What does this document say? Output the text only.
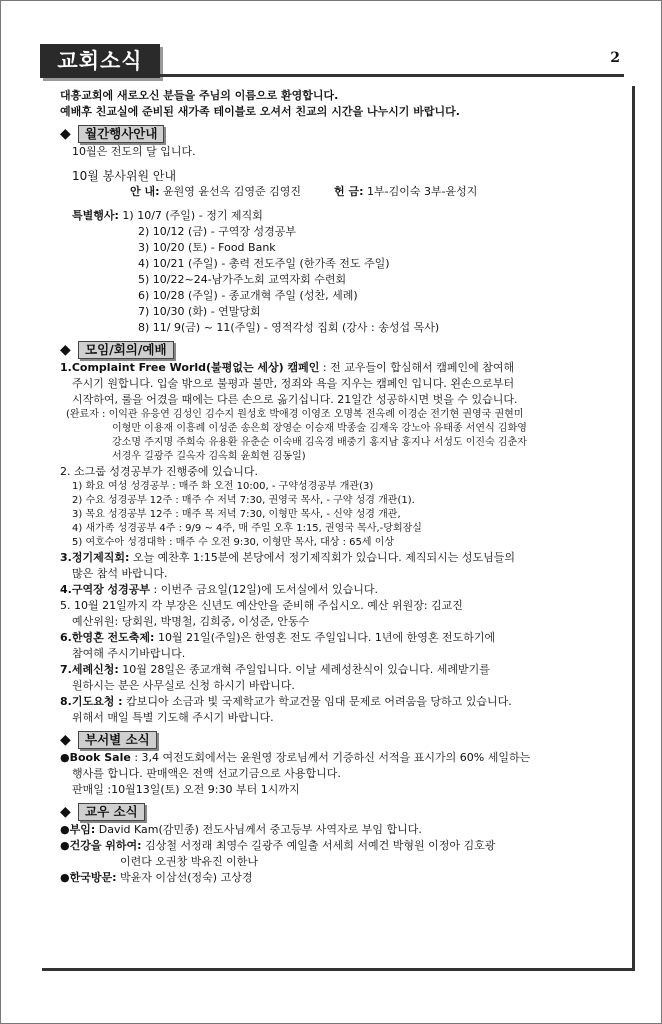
교회소식	2
대흥교회에 새로오신 분들을 주님의 이름으로 환영합니다.
예배후 친교실에 준비된 새가족 테이블로 오셔서 친교의 시간을 나누시기 바랍니다.
◆	월간행사안내
10월은 전도의 달 입니다.
10월 봉사위원 안내
안 내: 윤원영 윤선옥 김영준 김영진	헌 금: 1부-김이숙 3부-윤성지
특별행사: 1) 10/7 (주일) - 정기 제직회
2) 10/12 (금) - 구역장 성경공부
3) 10/20 (토) - Food Bank
4) 10/21 (주일) - 총력 전도주일 (한가족 전도 주일)
5) 10/22~24-남가주노회 교역자회 수련회
6) 10/28 (주일) - 종교개혁 주일 (성찬, 세례)
7) 10/30 (화) - 연말당회
8) 11/ 9(금) ~ 11(주일) - 영적각성 집회 (강사 : 송성섭 목사)
◆	모임/회의/예배
1.Complaint Free World(불평없는 세상) 캠페인 : 전 교우들이 합심해서 캠페인에 참여해
주시기 원합니다. 입술 밖으로 불평과 불만, 정죄와 욕을 지우는 캠페인 입니다. 왼손으로부터
시작하여, 룰을 어겼을 때에는 다른 손으로 옮기십니다. 21일간 성공하시면 벗을 수 있습니다.
(완료자 : 이익관 유응연 김성인 김수지 원성호 박애경 이영조 오명복 전옥례 이경순 전기현 권영국 권현미
이형만 이용재 이흥례 이성준 송은희 장영순 이승재 박종술 김재욱 강노아 유태종 서연식 김화영
강소명 주지명 주희숙 유용환 유춘순 이숙배 김옥경 배중기 홍지남 홍지나 서성도 이진숙 김춘자
서경우 길광주 길옥자 김옥희 윤희현 김동일)
2. 소그룹 성경공부가 진행중에 있습니다.
1) 화요 여성 성경공부 : 매주 화 오전 10:00, - 구약성경공부 개관(3)
2) 수요 성경공부 12주 : 매주 수 저녁 7:30, 권영국 목사, - 구약 성경 개관(1).
3) 목요 성경공부 12주 : 매주 목 저녁 7:30, 이형만 목사, - 신약 성경 개관,
4) 새가족 성경공부 4주 : 9/9 ~ 4주, 매 주일 오후 1:15, 권영국 목사,-당회잠실
5) 여호수아 성경대학 : 매주 수 오전 9:30, 이형만 목사, 대상 : 65세 이상
3.정기제직회: 오늘 예찬후 1:15분에 본당에서 정기제직회가 있습니다. 제직되시는 성도님들의
많은 참석 바랍니다.
4.구역장 성경공부 : 이번주 금요일(12일)에 도서실에서 있습니다.
5. 10월 21일까지 각 부장은 신년도 예산안을 준비해 주십시오. 예산 위원장: 김교진
예산위원: 당회원, 박명철, 김희중, 이성준, 안동수
6.한영혼 전도축제: 10월 21일(주일)은 한영혼 전도 주일입니다. 1년에 한영혼 전도하기에
참여해 주시기바랍니다.
7.세례신청: 10월 28일은 종교개혁 주일입니다. 이날 세례성찬식이 있습니다. 세례받기를
원하시는 분은 사무실로 신청 하시기 바랍니다.
8.기도요청 : 캄보디아 소금과 빛 국제학교가 학교건물 임대 문제로 어려움을 당하고 있습니다.
위해서 매일 특별 기도해 주시기 바랍니다.
◆	부서별 소식
●Book Sale : 3,4 여전도회에서는 윤원영 장로님께서 기증하신 서적을 표시가의 60% 세일하는
행사를 합니다. 판매액은 전액 선교기금으로 사용합니다.
판매일 :10월13일(토) 오전 9:30 부터 1시까지
◆	교우 소식
●부임: David Kam(감민종) 전도사님께서 중고등부 사역자로 부임 합니다.
●건강을 위하여: 김상철 서정래 최영수 길광주 예일출 서세희 서예건 박형원 이정아 김호광
이련다 오권창 박유진 이한나
●한국방문: 박윤자 이삼선(정숙) 고상경
